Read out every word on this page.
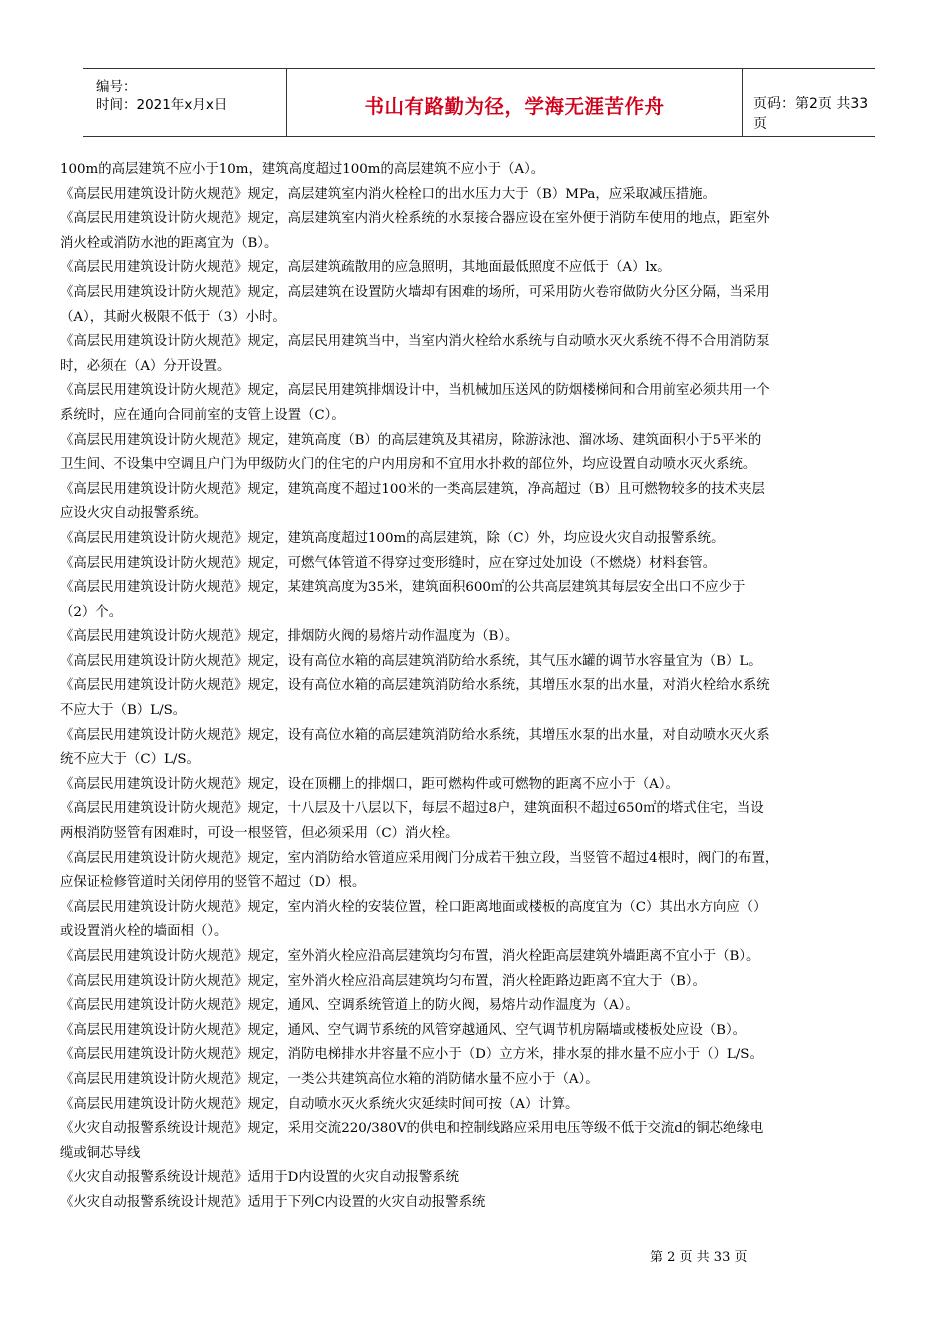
编号：
时间：2021年x月x日	书山有路勤为径，学海无涯苦作舟	页码：第2页 共33页

100m的高层建筑不应小于10m，建筑高度超过100m的高层建筑不应小于（A）。

《高层民用建筑设计防火规范》规定，高层建筑室内消火栓栓口的出水压力大于（B）MPa，应采取减压措施。

《高层民用建筑设计防火规范》规定，高层建筑室内消火栓系统的水泵接合器应设在室外便于消防车使用的地点，距室外

消火栓或消防水池的距离宜为（B）。

《高层民用建筑设计防火规范》规定，高层建筑疏散用的应急照明，其地面最低照度不应低于（A）lx。

《高层民用建筑设计防火规范》规定，高层建筑在设置防火墙却有困难的场所，可采用防火卷帘做防火分区分隔，当采用

（A），其耐火极限不低于（3）小时。

《高层民用建筑设计防火规范》规定，高层民用建筑当中，当室内消火栓给水系统与自动喷水灭火系统不得不合用消防泵

时，必须在（A）分开设置。

《高层民用建筑设计防火规范》规定，高层民用建筑排烟设计中，当机械加压送风的防烟楼梯间和合用前室必须共用一个

系统时，应在通向合同前室的支管上设置（C）。

《高层民用建筑设计防火规范》规定，建筑高度（B）的高层建筑及其裙房，除游泳池、溜冰场、建筑面积小于5平米的

卫生间、不设集中空调且户门为甲级防火门的住宅的户内用房和不宜用水扑救的部位外，均应设置自动喷水灭火系统。

《高层民用建筑设计防火规范》规定，建筑高度不超过100米的一类高层建筑，净高超过（B）且可燃物较多的技术夹层

应设火灾自动报警系统。

《高层民用建筑设计防火规范》规定，建筑高度超过100m的高层建筑，除（C）外，均应设火灾自动报警系统。

《高层民用建筑设计防火规范》规定，可燃气体管道不得穿过变形缝时，应在穿过处加设（不燃烧）材料套管。

《高层民用建筑设计防火规范》规定，某建筑高度为35米，建筑面积600㎡的公共高层建筑其每层安全出口不应少于

（2）个。

《高层民用建筑设计防火规范》规定，排烟防火阀的易熔片动作温度为（B）。

《高层民用建筑设计防火规范》规定，设有高位水箱的高层建筑消防给水系统，其气压水罐的调节水容量宜为（B）L。

《高层民用建筑设计防火规范》规定，设有高位水箱的高层建筑消防给水系统，其增压水泵的出水量，对消火栓给水系统

不应大于（B）L/S。

《高层民用建筑设计防火规范》规定，设有高位水箱的高层建筑消防给水系统，其增压水泵的出水量，对自动喷水灭火系

统不应大于（C）L/S。

《高层民用建筑设计防火规范》规定，设在顶棚上的排烟口，距可燃构件或可燃物的距离不应小于（A）。

《高层民用建筑设计防火规范》规定，十八层及十八层以下，每层不超过8户，建筑面积不超过650㎡的塔式住宅，当设

两根消防竖管有困难时，可设一根竖管，但必须采用（C）消火栓。

《高层民用建筑设计防火规范》规定，室内消防给水管道应采用阀门分成若干独立段，当竖管不超过4根时，阀门的布置，

应保证检修管道时关闭停用的竖管不超过（D）根。

《高层民用建筑设计防火规范》规定，室内消火栓的安装位置，栓口距离地面或楼板的高度宜为（C）其出水方向应（）

或设置消火栓的墙面相（）。

《高层民用建筑设计防火规范》规定，室外消火栓应沿高层建筑均匀布置，消火栓距高层建筑外墙距离不宜小于（B）。

《高层民用建筑设计防火规范》规定，室外消火栓应沿高层建筑均匀布置，消火栓距路边距离不宜大于（B）。

《高层民用建筑设计防火规范》规定，通风、空调系统管道上的防火阀，易熔片动作温度为（A）。

《高层民用建筑设计防火规范》规定，通风、空气调节系统的风管穿越通风、空气调节机房隔墙或楼板处应设（B）。

《高层民用建筑设计防火规范》规定，消防电梯排水井容量不应小于（D）立方米，排水泵的排水量不应小于（）L/S。

《高层民用建筑设计防火规范》规定，一类公共建筑高位水箱的消防储水量不应小于（A）。

《高层民用建筑设计防火规范》规定，自动喷水灭火系统火灾延续时间可按（A）计算。

《火灾自动报警系统设计规范》规定，采用交流220/380V的供电和控制线路应采用电压等级不低于交流d的铜芯绝缘电

缆或铜芯导线

《火灾自动报警系统设计规范》适用于D内设置的火灾自动报警系统

《火灾自动报警系统设计规范》适用于下列C内设置的火灾自动报警系统

第 2 页 共 33 页
